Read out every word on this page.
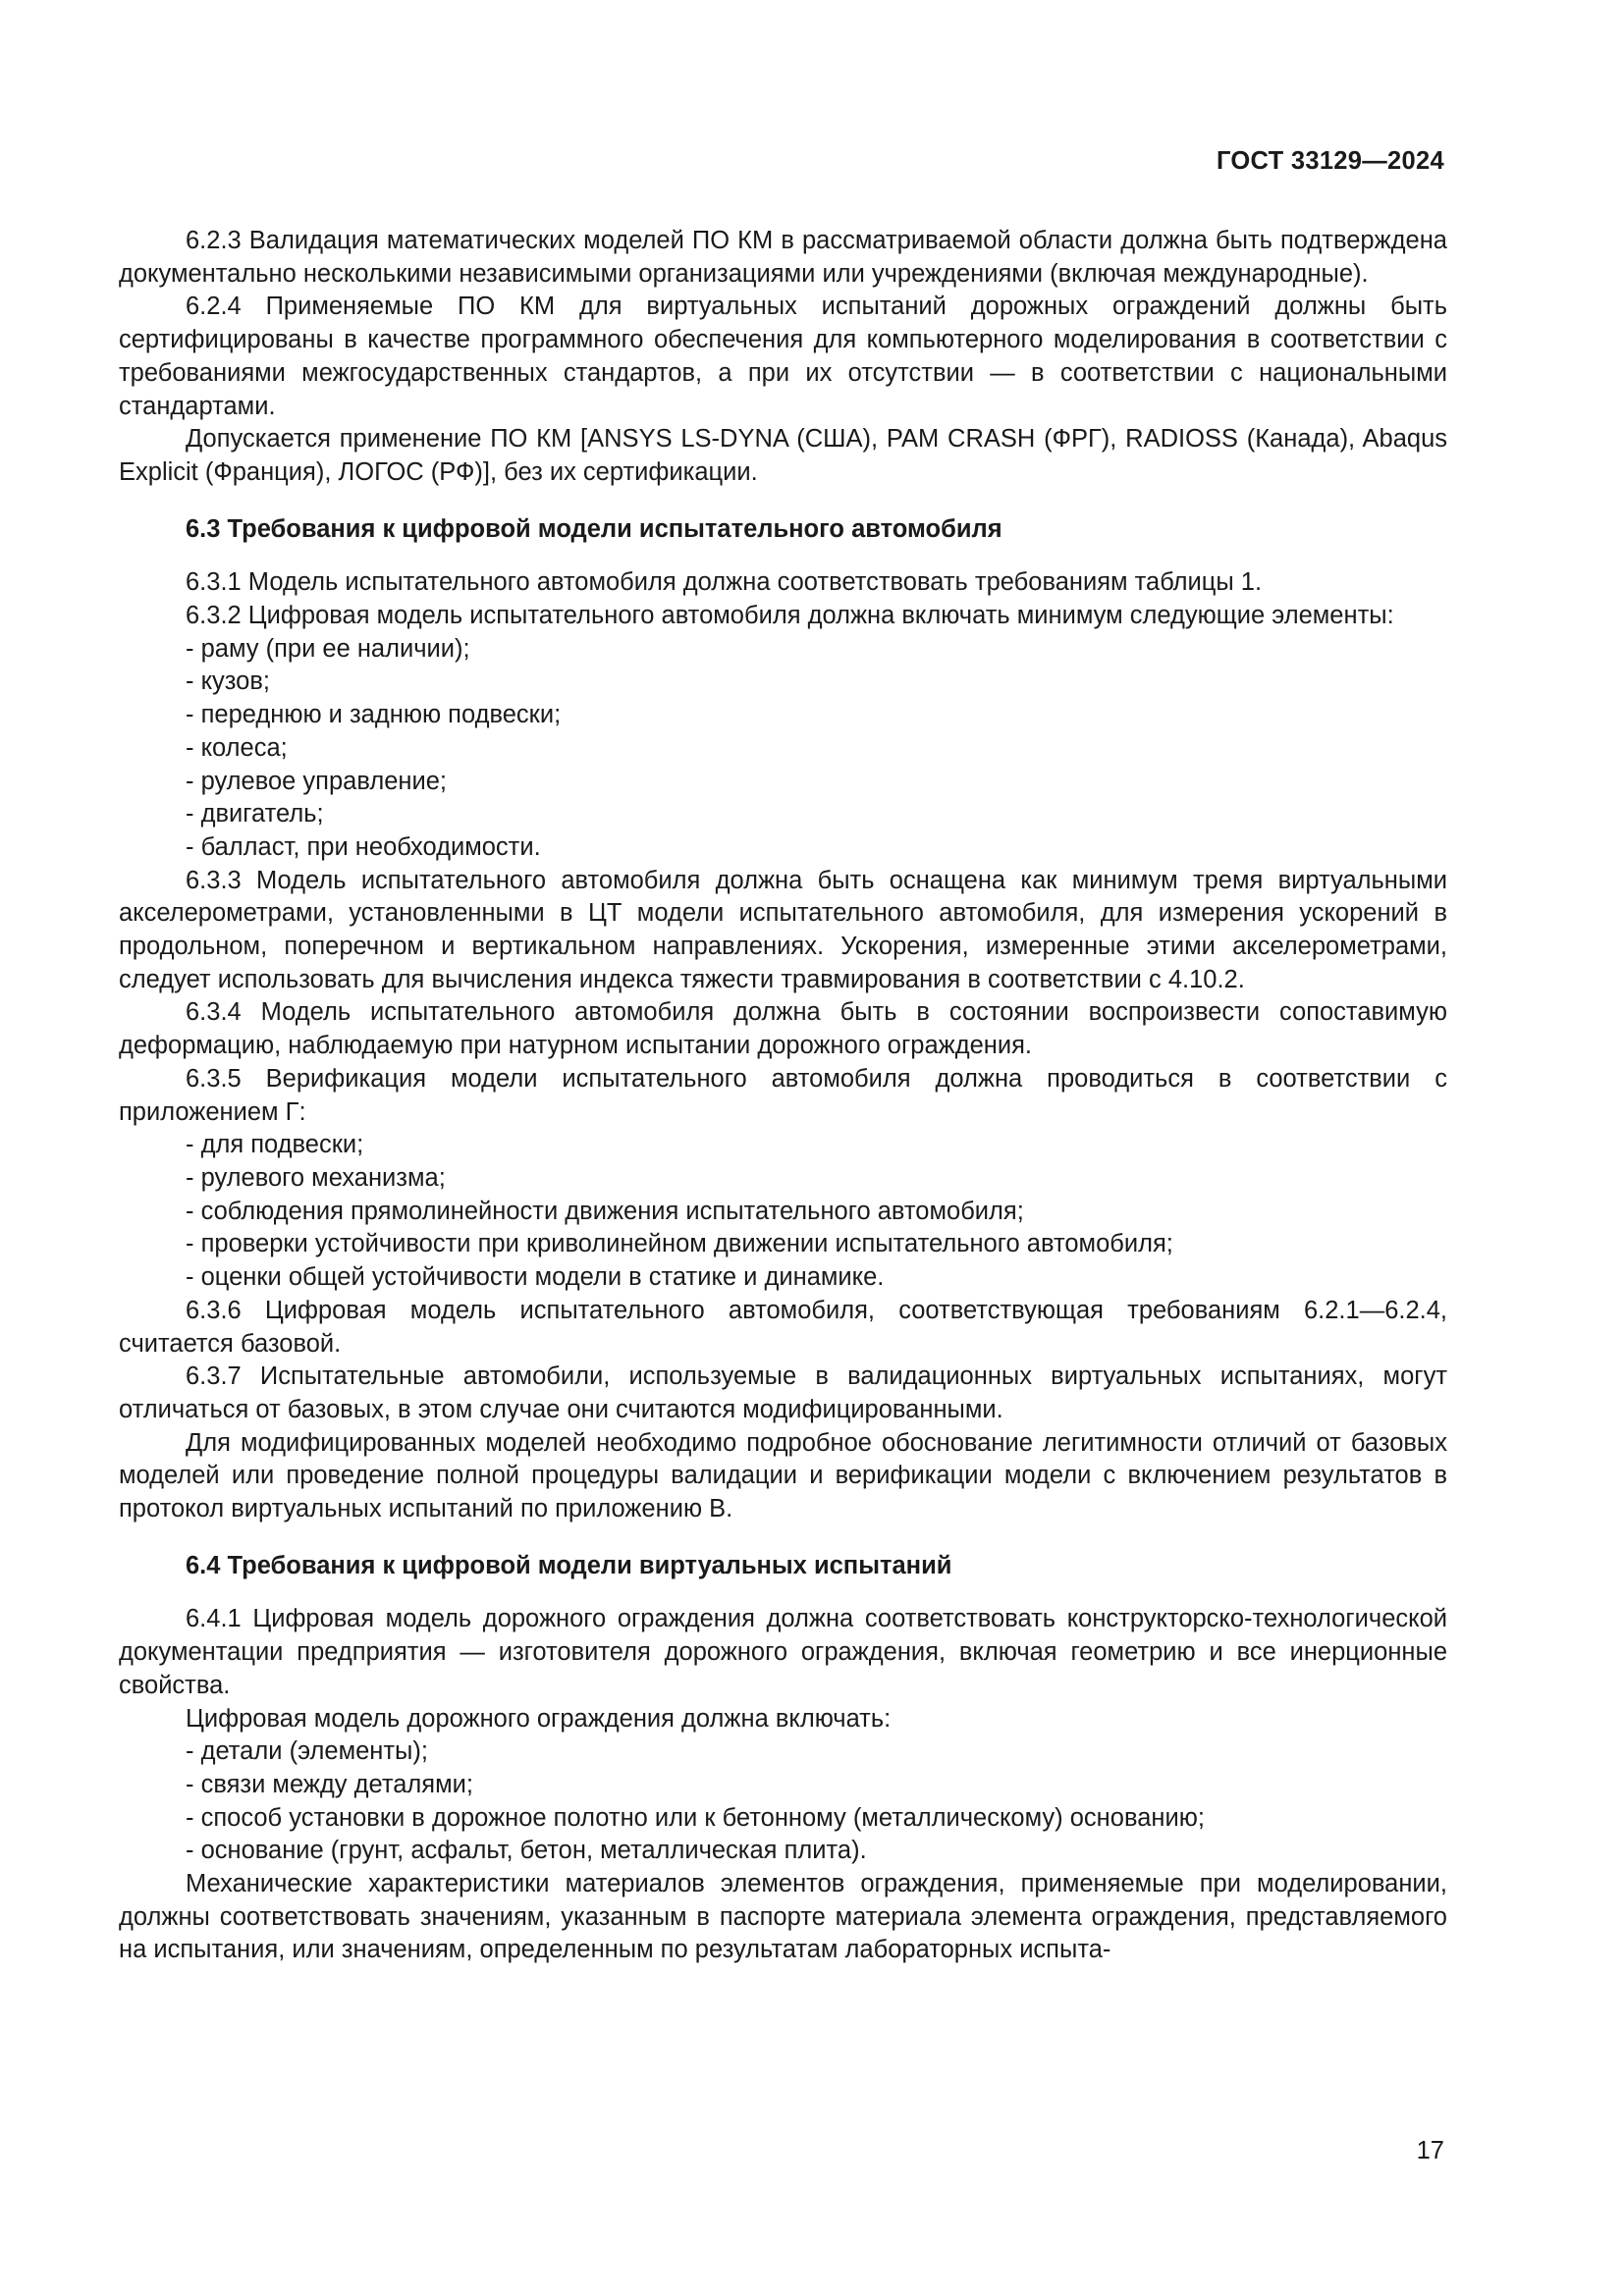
ГОСТ 33129—2024

6.2.3 Валидация математических моделей ПО КМ в рассматриваемой области должна быть подтверждена документально несколькими независимыми организациями или учреждениями (включая международные).

6.2.4 Применяемые ПО КМ для виртуальных испытаний дорожных ограждений должны быть сертифицированы в качестве программного обеспечения для компьютерного моделирования в соответствии с требованиями межгосударственных стандартов, а при их отсутствии — в соответствии с национальными стандартами.

Допускается применение ПО КМ [ANSYS LS-DYNA (США), PAM CRASH (ФРГ), RADIOSS (Канада), Abaqus Explicit (Франция), ЛОГОС (РФ)], без их сертификации.

6.3 Требования к цифровой модели испытательного автомобиля

6.3.1 Модель испытательного автомобиля должна соответствовать требованиям таблицы 1.

6.3.2 Цифровая модель испытательного автомобиля должна включать минимум следующие элементы:

- раму (при ее наличии);
- кузов;
- переднюю и заднюю подвески;
- колеса;
- рулевое управление;
- двигатель;
- балласт, при необходимости.

6.3.3 Модель испытательного автомобиля должна быть оснащена как минимум тремя виртуальными акселерометрами, установленными в ЦТ модели испытательного автомобиля, для измерения ускорений в продольном, поперечном и вертикальном направлениях. Ускорения, измеренные этими акселерометрами, следует использовать для вычисления индекса тяжести травмирования в соответствии с 4.10.2.

6.3.4 Модель испытательного автомобиля должна быть в состоянии воспроизвести сопоставимую деформацию, наблюдаемую при натурном испытании дорожного ограждения.

6.3.5 Верификация модели испытательного автомобиля должна проводиться в соответствии с приложением Г:

- для подвески;
- рулевого механизма;
- соблюдения прямолинейности движения испытательного автомобиля;
- проверки устойчивости при криволинейном движении испытательного автомобиля;
- оценки общей устойчивости модели в статике и динамике.

6.3.6 Цифровая модель испытательного автомобиля, соответствующая требованиям 6.2.1—6.2.4, считается базовой.

6.3.7 Испытательные автомобили, используемые в валидационных виртуальных испытаниях, могут отличаться от базовых, в этом случае они считаются модифицированными.

Для модифицированных моделей необходимо подробное обоснование легитимности отличий от базовых моделей или проведение полной процедуры валидации и верификации модели с включением результатов в протокол виртуальных испытаний по приложению В.

6.4 Требования к цифровой модели виртуальных испытаний

6.4.1 Цифровая модель дорожного ограждения должна соответствовать конструкторско-технологической документации предприятия — изготовителя дорожного ограждения, включая геометрию и все инерционные свойства.

Цифровая модель дорожного ограждения должна включать:

- детали (элементы);
- связи между деталями;
- способ установки в дорожное полотно или к бетонному (металлическому) основанию;
- основание (грунт, асфальт, бетон, металлическая плита).

Механические характеристики материалов элементов ограждения, применяемые при моделировании, должны соответствовать значениям, указанным в паспорте материала элемента ограждения, представляемого на испытания, или значениям, определенным по результатам лабораторных испыта-

17
